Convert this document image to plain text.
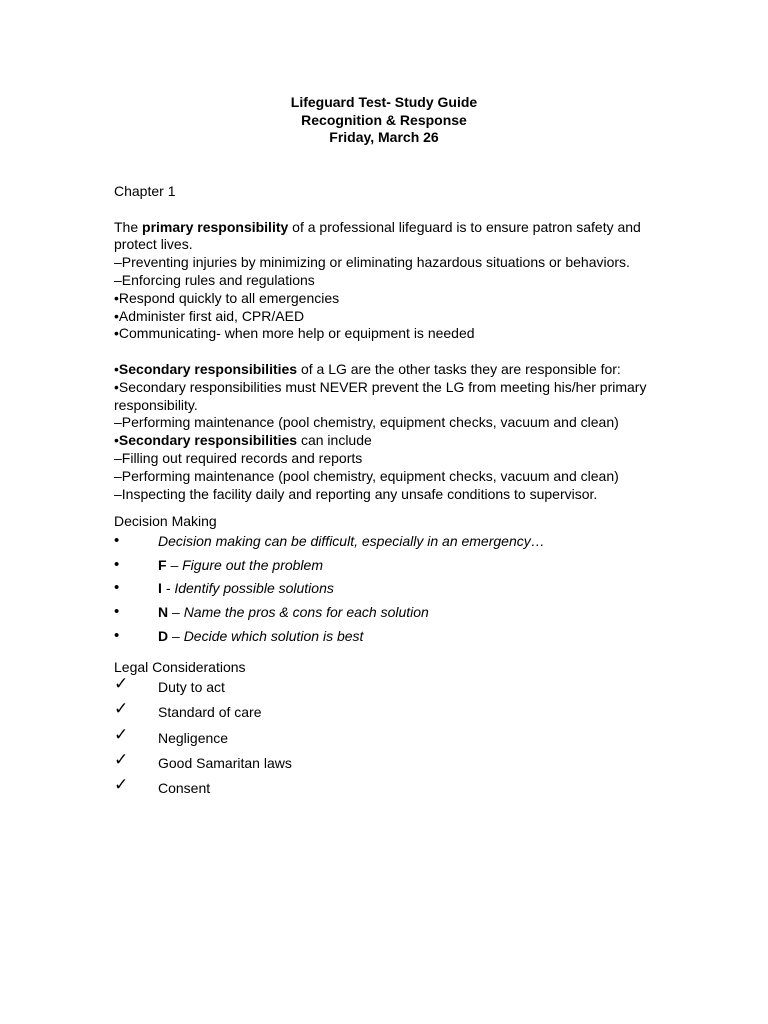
Lifeguard Test- Study Guide
Recognition & Response
Friday, March 26

Chapter 1

The primary responsibility of a professional lifeguard is to ensure patron safety and protect lives.

–Preventing injuries by minimizing or eliminating hazardous situations or behaviors.

–Enforcing rules and regulations

•Respond quickly to all emergencies

•Administer first aid, CPR/AED

•Communicating- when more help or equipment is needed

•Secondary responsibilities of a LG are the other tasks they are responsible for:

•Secondary responsibilities must NEVER prevent the LG from meeting his/her primary responsibility.

–Performing maintenance (pool chemistry, equipment checks, vacuum and clean)

•Secondary responsibilities can include

–Filling out required records and reports

–Performing maintenance (pool chemistry, equipment checks, vacuum and clean)

–Inspecting the facility daily and reporting any unsafe conditions to supervisor.

Decision Making

•	Decision making can be difficult, especially in an emergency…
•	F – Figure out the problem
•	I - Identify possible solutions
•	N – Name the pros & cons for each solution
•	D – Decide which solution is best

Legal Considerations

✓ Duty to act
✓ Standard of care
✓ Negligence
✓ Good Samaritan laws
✓ Consent
